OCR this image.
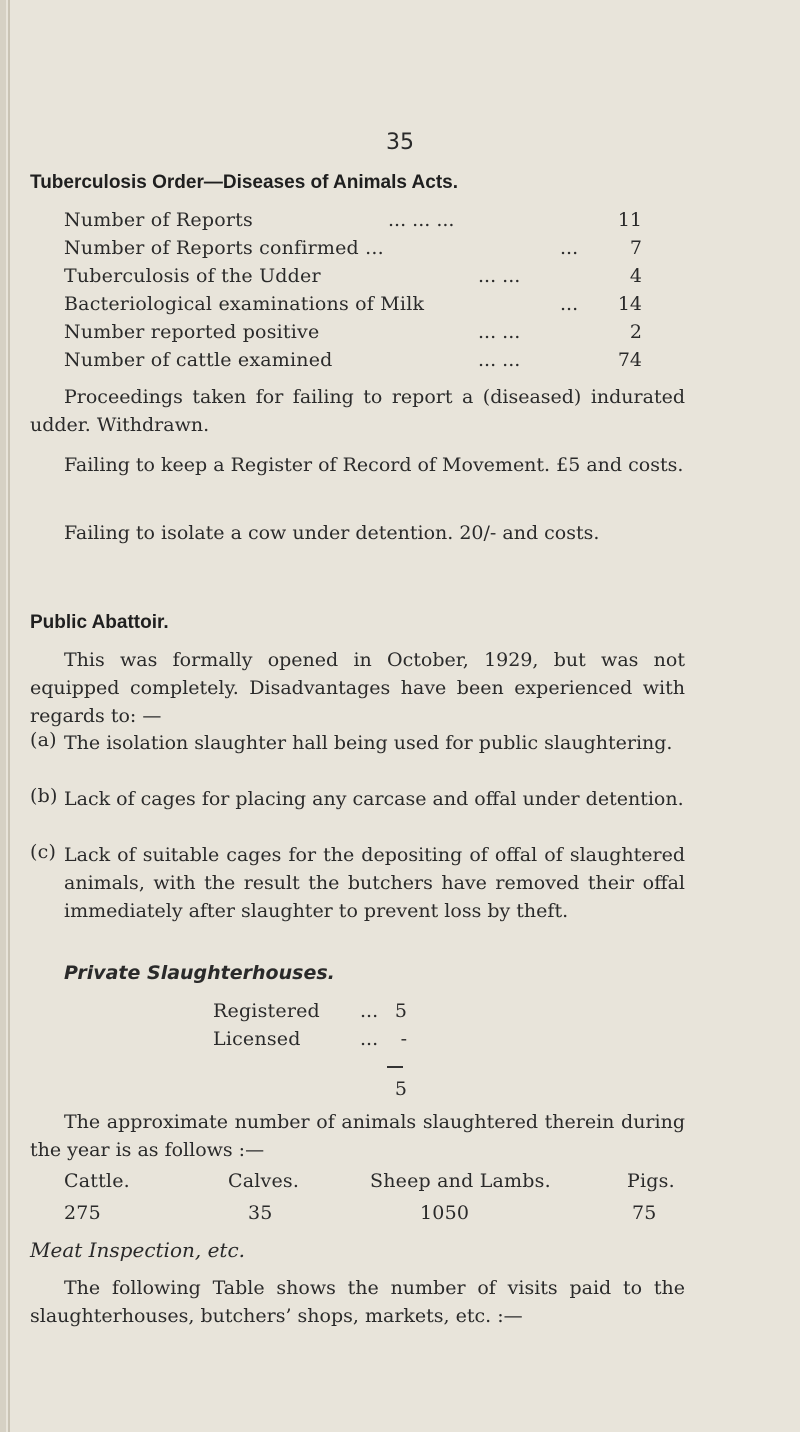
35
Tuberculosis Order—Diseases of Animals Acts.
Number of Reports	... ... ...	11
Number of Reports confirmed ...	...	7
Tuberculosis of the Udder	... ...	4
Bacteriological examinations of Milk	...	14
Number reported positive	... ...	2
Number of cattle examined	... ...	74
Proceedings taken for failing to report a (diseased) indurated udder. Withdrawn.
Failing to keep a Register of Record of Movement. £5 and costs.
Failing to isolate a cow under detention. 20/- and costs.
Public Abattoir.
This was formally opened in October, 1929, but was not equipped completely. Disadvantages have been experienced with regards to: —
(a) The isolation slaughter hall being used for public slaughtering.
(b) Lack of cages for placing any carcase and offal under detention.
(c) Lack of suitable cages for the depositing of offal of slaughtered animals, with the result the butchers have removed their offal immediately after slaughter to prevent loss by theft.
Private Slaughterhouses.
Registered ... 5
Licensed	...	-
5
The approximate number of animals slaughtered therein during the year is as follows :—
Cattle.	Calves.	Sheep and Lambs.	Pigs.
275	35	1050	75
Meat Inspection, etc.
The following Table shows the number of visits paid to the slaughterhouses, butchers’ shops, markets, etc. :—
